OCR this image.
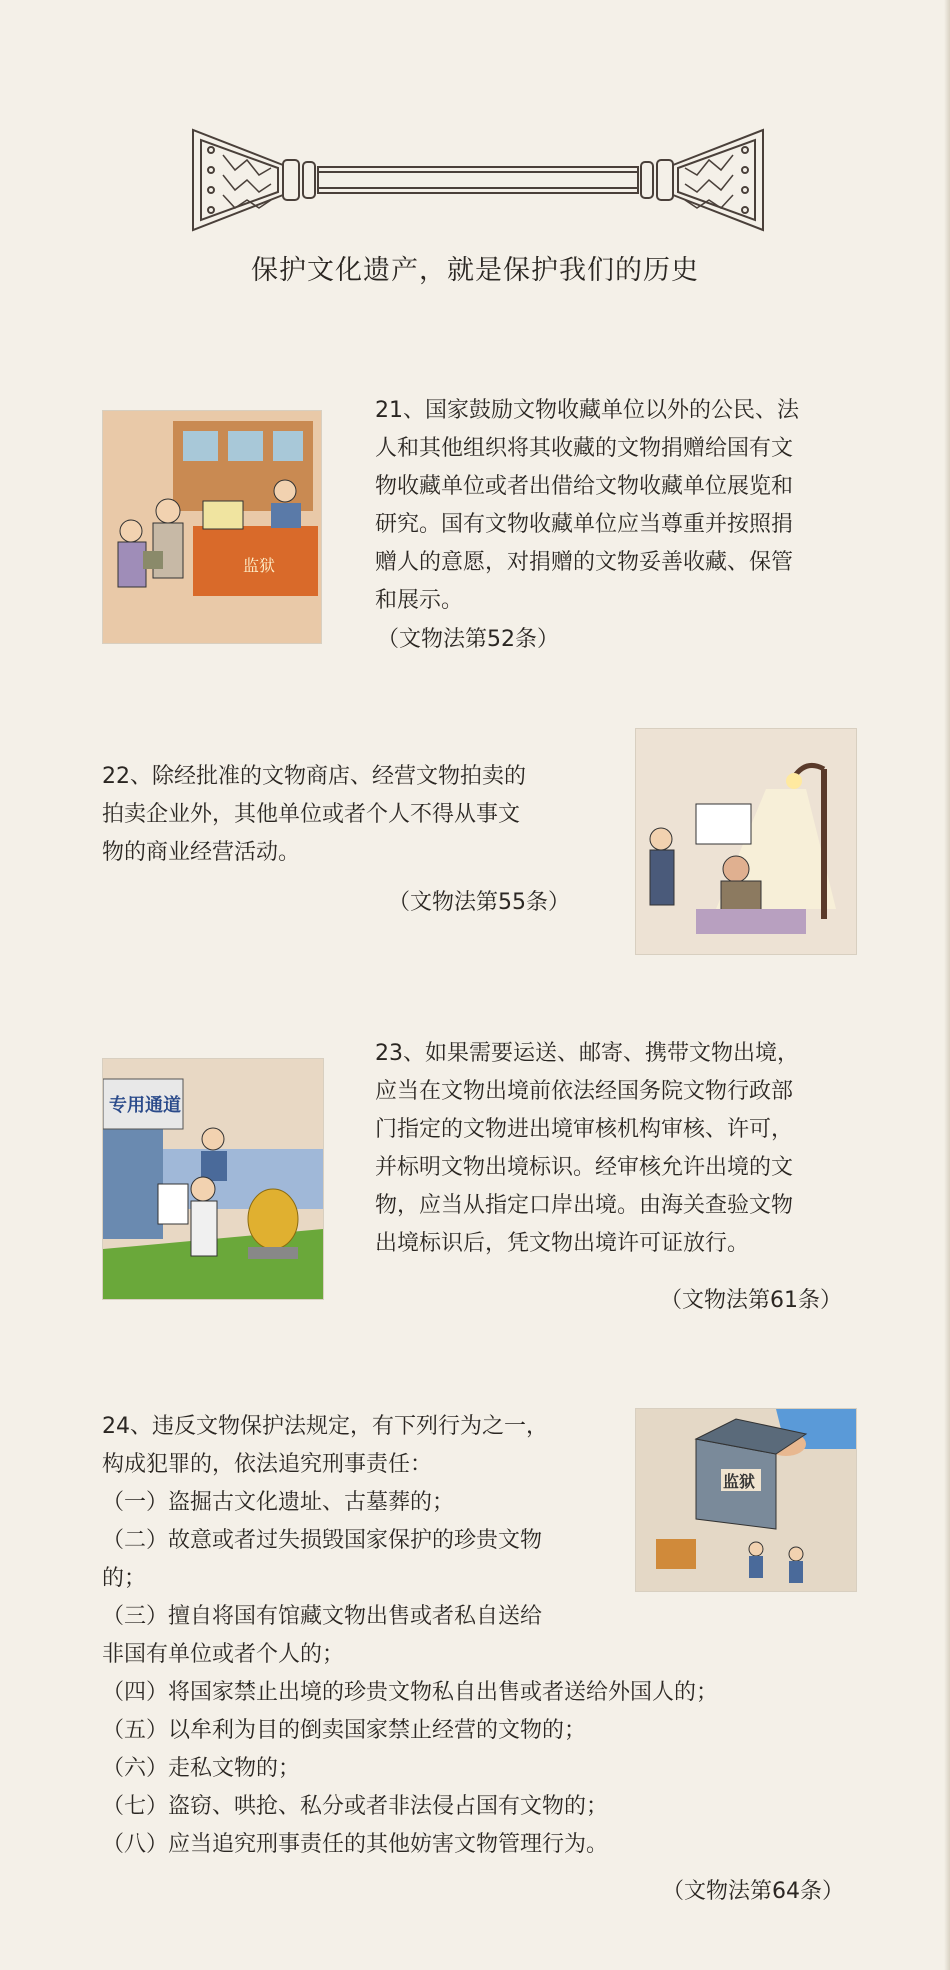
保护文化遗产，就是保护我们的历史
监狱
21、国家鼓励文物收藏单位以外的公民、法
人和其他组织将其收藏的文物捐赠给国有文
物收藏单位或者出借给文物收藏单位展览和
研究。国有文物收藏单位应当尊重并按照捐
赠人的意愿，对捐赠的文物妥善收藏、保管
和展示。
（文物法第52条）
22、除经批准的文物商店、经营文物拍卖的
拍卖企业外，其他单位或者个人不得从事文
物的商业经营活动。
（文物法第55条）
专用通道
23、如果需要运送、邮寄、携带文物出境，
应当在文物出境前依法经国务院文物行政部
门指定的文物进出境审核机构审核、许可，
并标明文物出境标识。经审核允许出境的文
物，应当从指定口岸出境。由海关查验文物
出境标识后，凭文物出境许可证放行。
（文物法第61条）
监狱
24、违反文物保护法规定，有下列行为之一，
构成犯罪的，依法追究刑事责任：
（一）盗掘古文化遗址、古墓葬的；
（二）故意或者过失损毁国家保护的珍贵文物
的；
（三）擅自将国有馆藏文物出售或者私自送给
非国有单位或者个人的；
（四）将国家禁止出境的珍贵文物私自出售或者送给外国人的；
（五）以牟利为目的倒卖国家禁止经营的文物的；
（六）走私文物的；
（七）盗窃、哄抢、私分或者非法侵占国有文物的；
（八）应当追究刑事责任的其他妨害文物管理行为。
（文物法第64条）
